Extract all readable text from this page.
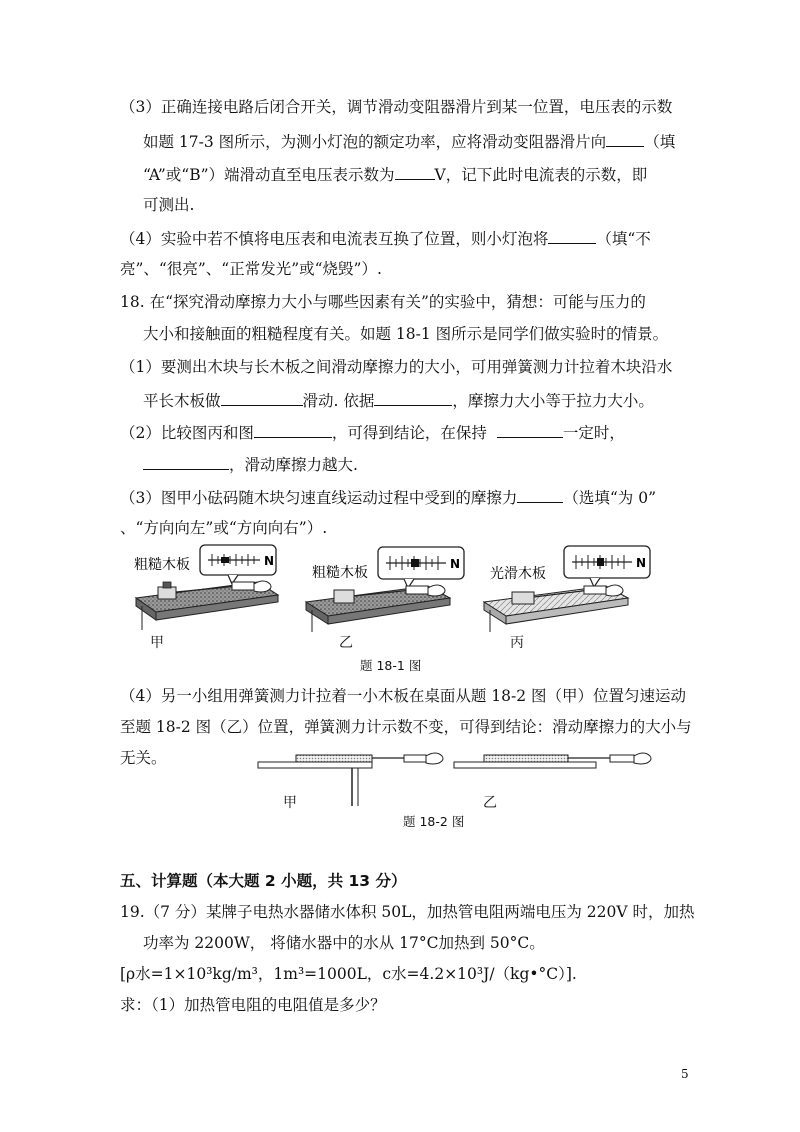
（3）正确连接电路后闭合开关，调节滑动变阻器滑片到某一位置，电压表的示数
如题 17-3 图所示，为测小灯泡的额定功率，应将滑动变阻器滑片向 （填
“A”或“B”）端滑动直至电压表示数为	V，记下此时电流表的示数，即
可测出.
（4）实验中若不慎将电压表和电流表互换了位置，则小灯泡将	（填“不
亮”、“很亮”、“正常发光”或“烧毁”）.
18. 在“探究滑动摩擦力大小与哪些因素有关”的实验中，猜想：可能与压力的
大小和接触面的粗糙程度有关。如题 18-1 图所示是同学们做实验时的情景。
（1）要测出木块与长木板之间滑动摩擦力的大小，可用弹簧测力计拉着木块沿水
平长木板做	滑动. 依据	，摩擦力大小等于拉力大小。
（2）比较图丙和图	，可得到结论，在保持	一定时，
，滑动摩擦力越大.
（3）图甲小砝码随木块匀速直线运动过程中受到的摩擦力	（选填“为 0”
、“方向向左”或“方向向右”）.
粗糙木板	N
粗糙木板
N
光滑木板
N
甲	乙	丙
题 18-1 图
（4）另一小组用弹簧测力计拉着一小木板在桌面从题 18-2 图（甲）位置匀速运动
至题 18-2 图（乙）位置，弹簧测力计示数不变，可得到结论：滑动摩擦力的大小与
无关。
甲	乙
题 18-2 图
五、计算题（本大题 2 小题，共 13 分）
19.（7 分）某牌子电热水器储水体积 50L，加热管电阻两端电压为 220V 时，加热
功率为 2200W， 将储水器中的水从 17°C加热到 50°C。
[ρ水=1×10³kg/m³，1m³=1000L，c水=4.2×10³J/（kg•°C）].
求：（1）加热管电阻的电阻值是多少？
5
